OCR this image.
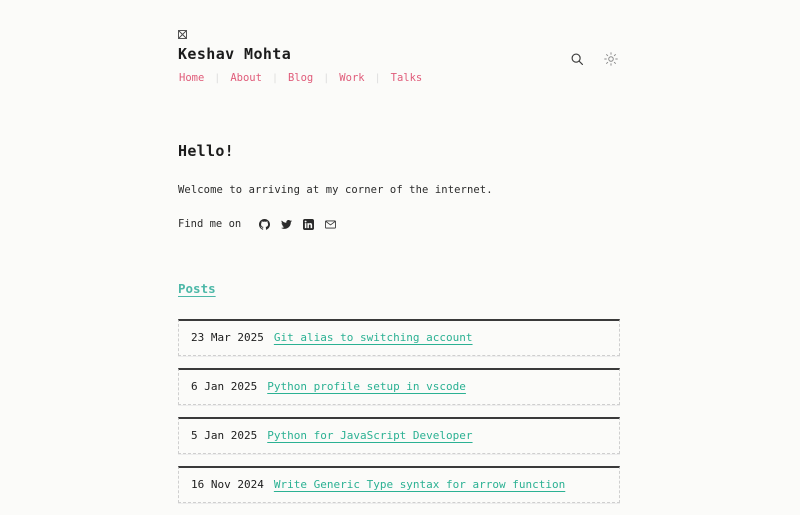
Keshav Mohta
Home | About | Blog | Work | Talks
Hello!

Welcome to arriving at my corner of the internet.

Find me on
Posts
23 Mar 2025 Git alias to switching account
6 Jan 2025 Python profile setup in vscode
5 Jan 2025 Python for JavaScript Developer
16 Nov 2024 Write Generic Type syntax for arrow function
